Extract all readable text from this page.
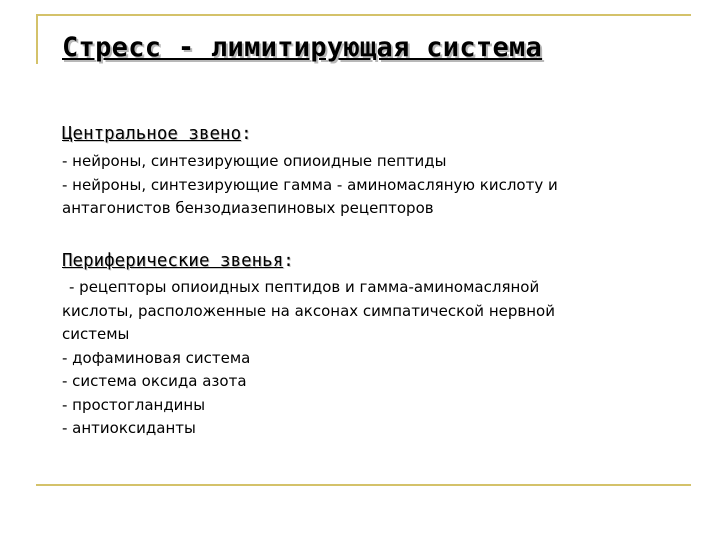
Стресс - лимитирующая система
Центральное звено:
- нейроны, синтезирующие опиоидные пептиды
- нейроны, синтезирующие гамма - аминомасляную кислоту и
антагонистов бензодиазепиновых рецепторов
Периферические звенья:
- рецепторы опиоидных пептидов и гамма-аминомасляной
кислоты, расположенные на аксонах симпатической нервной
системы
- дофаминовая система
- система оксида азота
- простогландины
- антиоксиданты
